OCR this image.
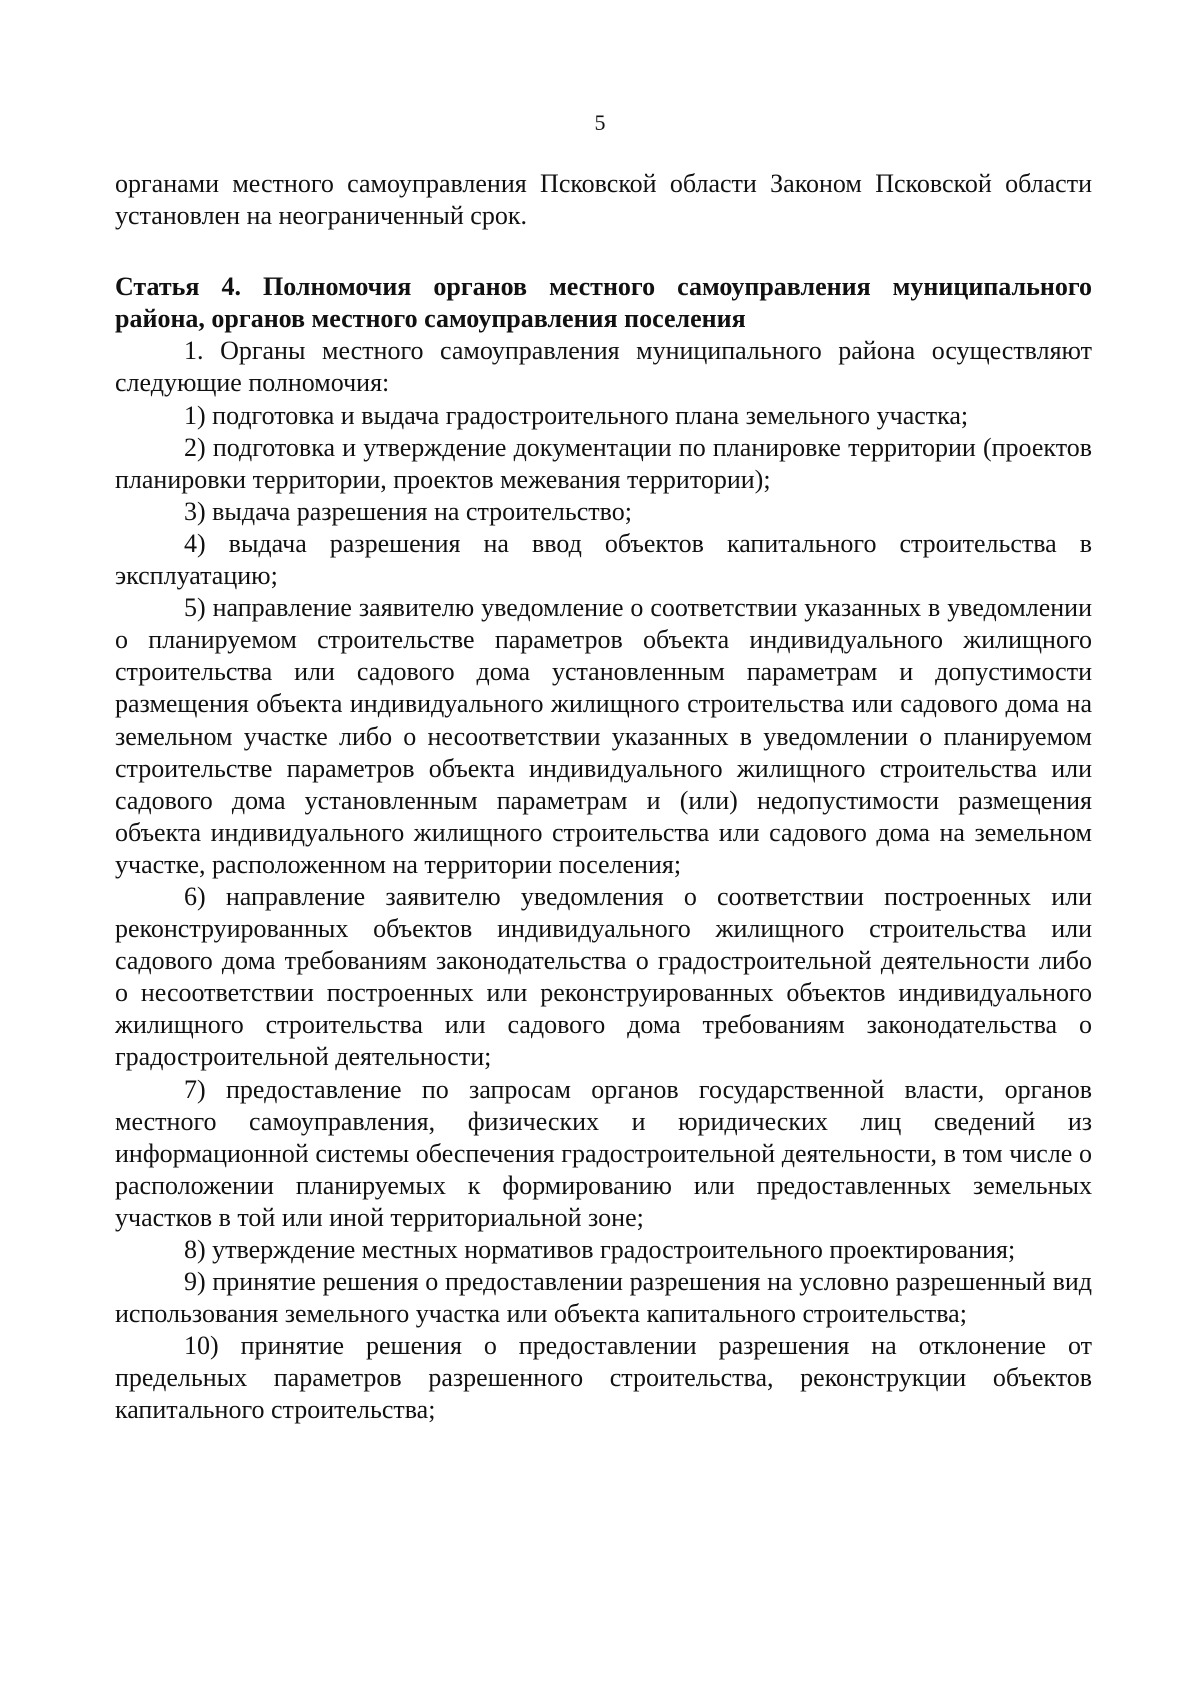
5

органами местного самоуправления Псковской области Законом Псковской области установлен на неограниченный срок.

Статья 4. Полномочия органов местного самоуправления муниципального района, органов местного самоуправления поселения

1. Органы местного самоуправления муниципального района осуществляют следующие полномочия:

1) подготовка и выдача градостроительного плана земельного участка;

2) подготовка и утверждение документации по планировке территории (проектов планировки территории, проектов межевания территории);

3) выдача разрешения на строительство;

4) выдача разрешения на ввод объектов капитального строительства в эксплуатацию;

5) направление заявителю уведомление о соответствии указанных в уведомлении о планируемом строительстве параметров объекта индивидуального жилищного строительства или садового дома установленным параметрам и допустимости размещения объекта индивидуального жилищного строительства или садового дома на земельном участке либо о несоответствии указанных в уведомлении о планируемом строительстве параметров объекта индивидуального жилищного строительства или садового дома установленным параметрам и (или) недопустимости размещения объекта индивидуального жилищного строительства или садового дома на земельном участке, расположенном на территории поселения;

6) направление заявителю уведомления о соответствии построенных или реконструированных объектов индивидуального жилищного строительства или садового дома требованиям законодательства о градостроительной деятельности либо о несоответствии построенных или реконструированных объектов индивидуального жилищного строительства или садового дома требованиям законодательства о градостроительной деятельности;

7) предоставление по запросам органов государственной власти, органов местного самоуправления, физических и юридических лиц сведений из информационной системы обеспечения градостроительной деятельности, в том числе о расположении планируемых к формированию или предоставленных земельных участков в той или иной территориальной зоне;

8) утверждение местных нормативов градостроительного проектирования;

9) принятие решения о предоставлении разрешения на условно разрешенный вид использования земельного участка или объекта капитального строительства;

10) принятие решения о предоставлении разрешения на отклонение от предельных параметров разрешенного строительства, реконструкции объектов капитального строительства;
